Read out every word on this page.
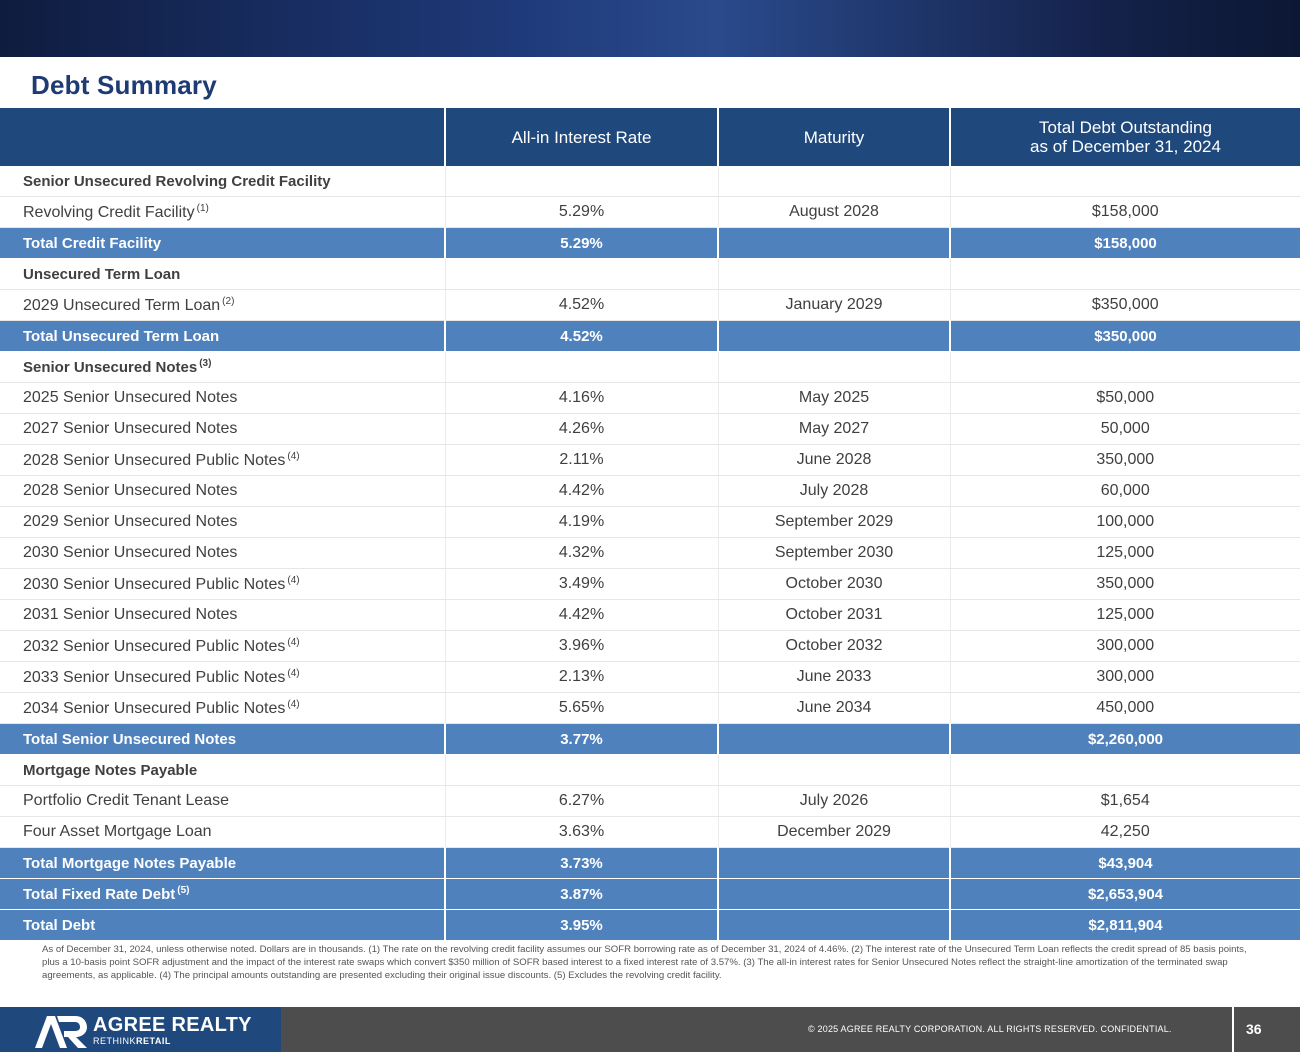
Debt Summary
	All-in Interest Rate	Maturity	Total Debt Outstanding
as of December 31, 2024
Senior Unsecured Revolving Credit Facility			
Revolving Credit Facility $^{(1)}$	5.29%	August 2028	$158,000
Total Credit Facility	5.29%		$158,000
Unsecured Term Loan			
2029 Unsecured Term Loan $^{(2)}$	4.52%	January 2029	$350,000
Total Unsecured Term Loan	4.52%		$350,000
Senior Unsecured Notes $^{(3)}$			
2025 Senior Unsecured Notes	4.16%	May 2025	$50,000
2027 Senior Unsecured Notes	4.26%	May 2027	50,000
2028 Senior Unsecured Public Notes $^{(4)}$	2.11%	June 2028	350,000
2028 Senior Unsecured Notes	4.42%	July 2028	60,000
2029 Senior Unsecured Notes	4.19%	September 2029	100,000
2030 Senior Unsecured Notes	4.32%	September 2030	125,000
2030 Senior Unsecured Public Notes $^{(4)}$	3.49%	October 2030	350,000
2031 Senior Unsecured Notes	4.42%	October 2031	125,000
2032 Senior Unsecured Public Notes $^{(4)}$	3.96%	October 2032	300,000
2033 Senior Unsecured Public Notes $^{(4)}$	2.13%	June 2033	300,000
2034 Senior Unsecured Public Notes $^{(4)}$	5.65%	June 2034	450,000
Total Senior Unsecured Notes	3.77%		$2,260,000
Mortgage Notes Payable			
Portfolio Credit Tenant Lease	6.27%	July 2026	$1,654
Four Asset Mortgage Loan	3.63%	December 2029	42,250
Total Mortgage Notes Payable	3.73%		$43,904
Total Fixed Rate Debt $^{(5)}$	3.87%		$2,653,904
Total Debt	3.95%		$2,811,904
As of December 31, 2024, unless otherwise noted. Dollars are in thousands. (1) The rate on the revolving credit facility assumes our SOFR borrowing rate as of December 31, 2024 of 4.46%. (2) The interest rate of the Unsecured Term Loan reflects the credit spread of 85 basis points, plus a 10-basis point SOFR adjustment and the impact of the interest rate swaps which convert $350 million of SOFR based interest to a fixed interest rate of 3.57%. (3) The all-in interest rates for Senior Unsecured Notes reflect the straight-line amortization of the terminated swap agreements, as applicable. (4) The principal amounts outstanding are presented excluding their original issue discounts. (5) Excludes the revolving credit facility.
AGREE REALTY
RETHINKRETAIL
© 2025 AGREE REALTY CORPORATION. ALL RIGHTS RESERVED. CONFIDENTIAL.	36
